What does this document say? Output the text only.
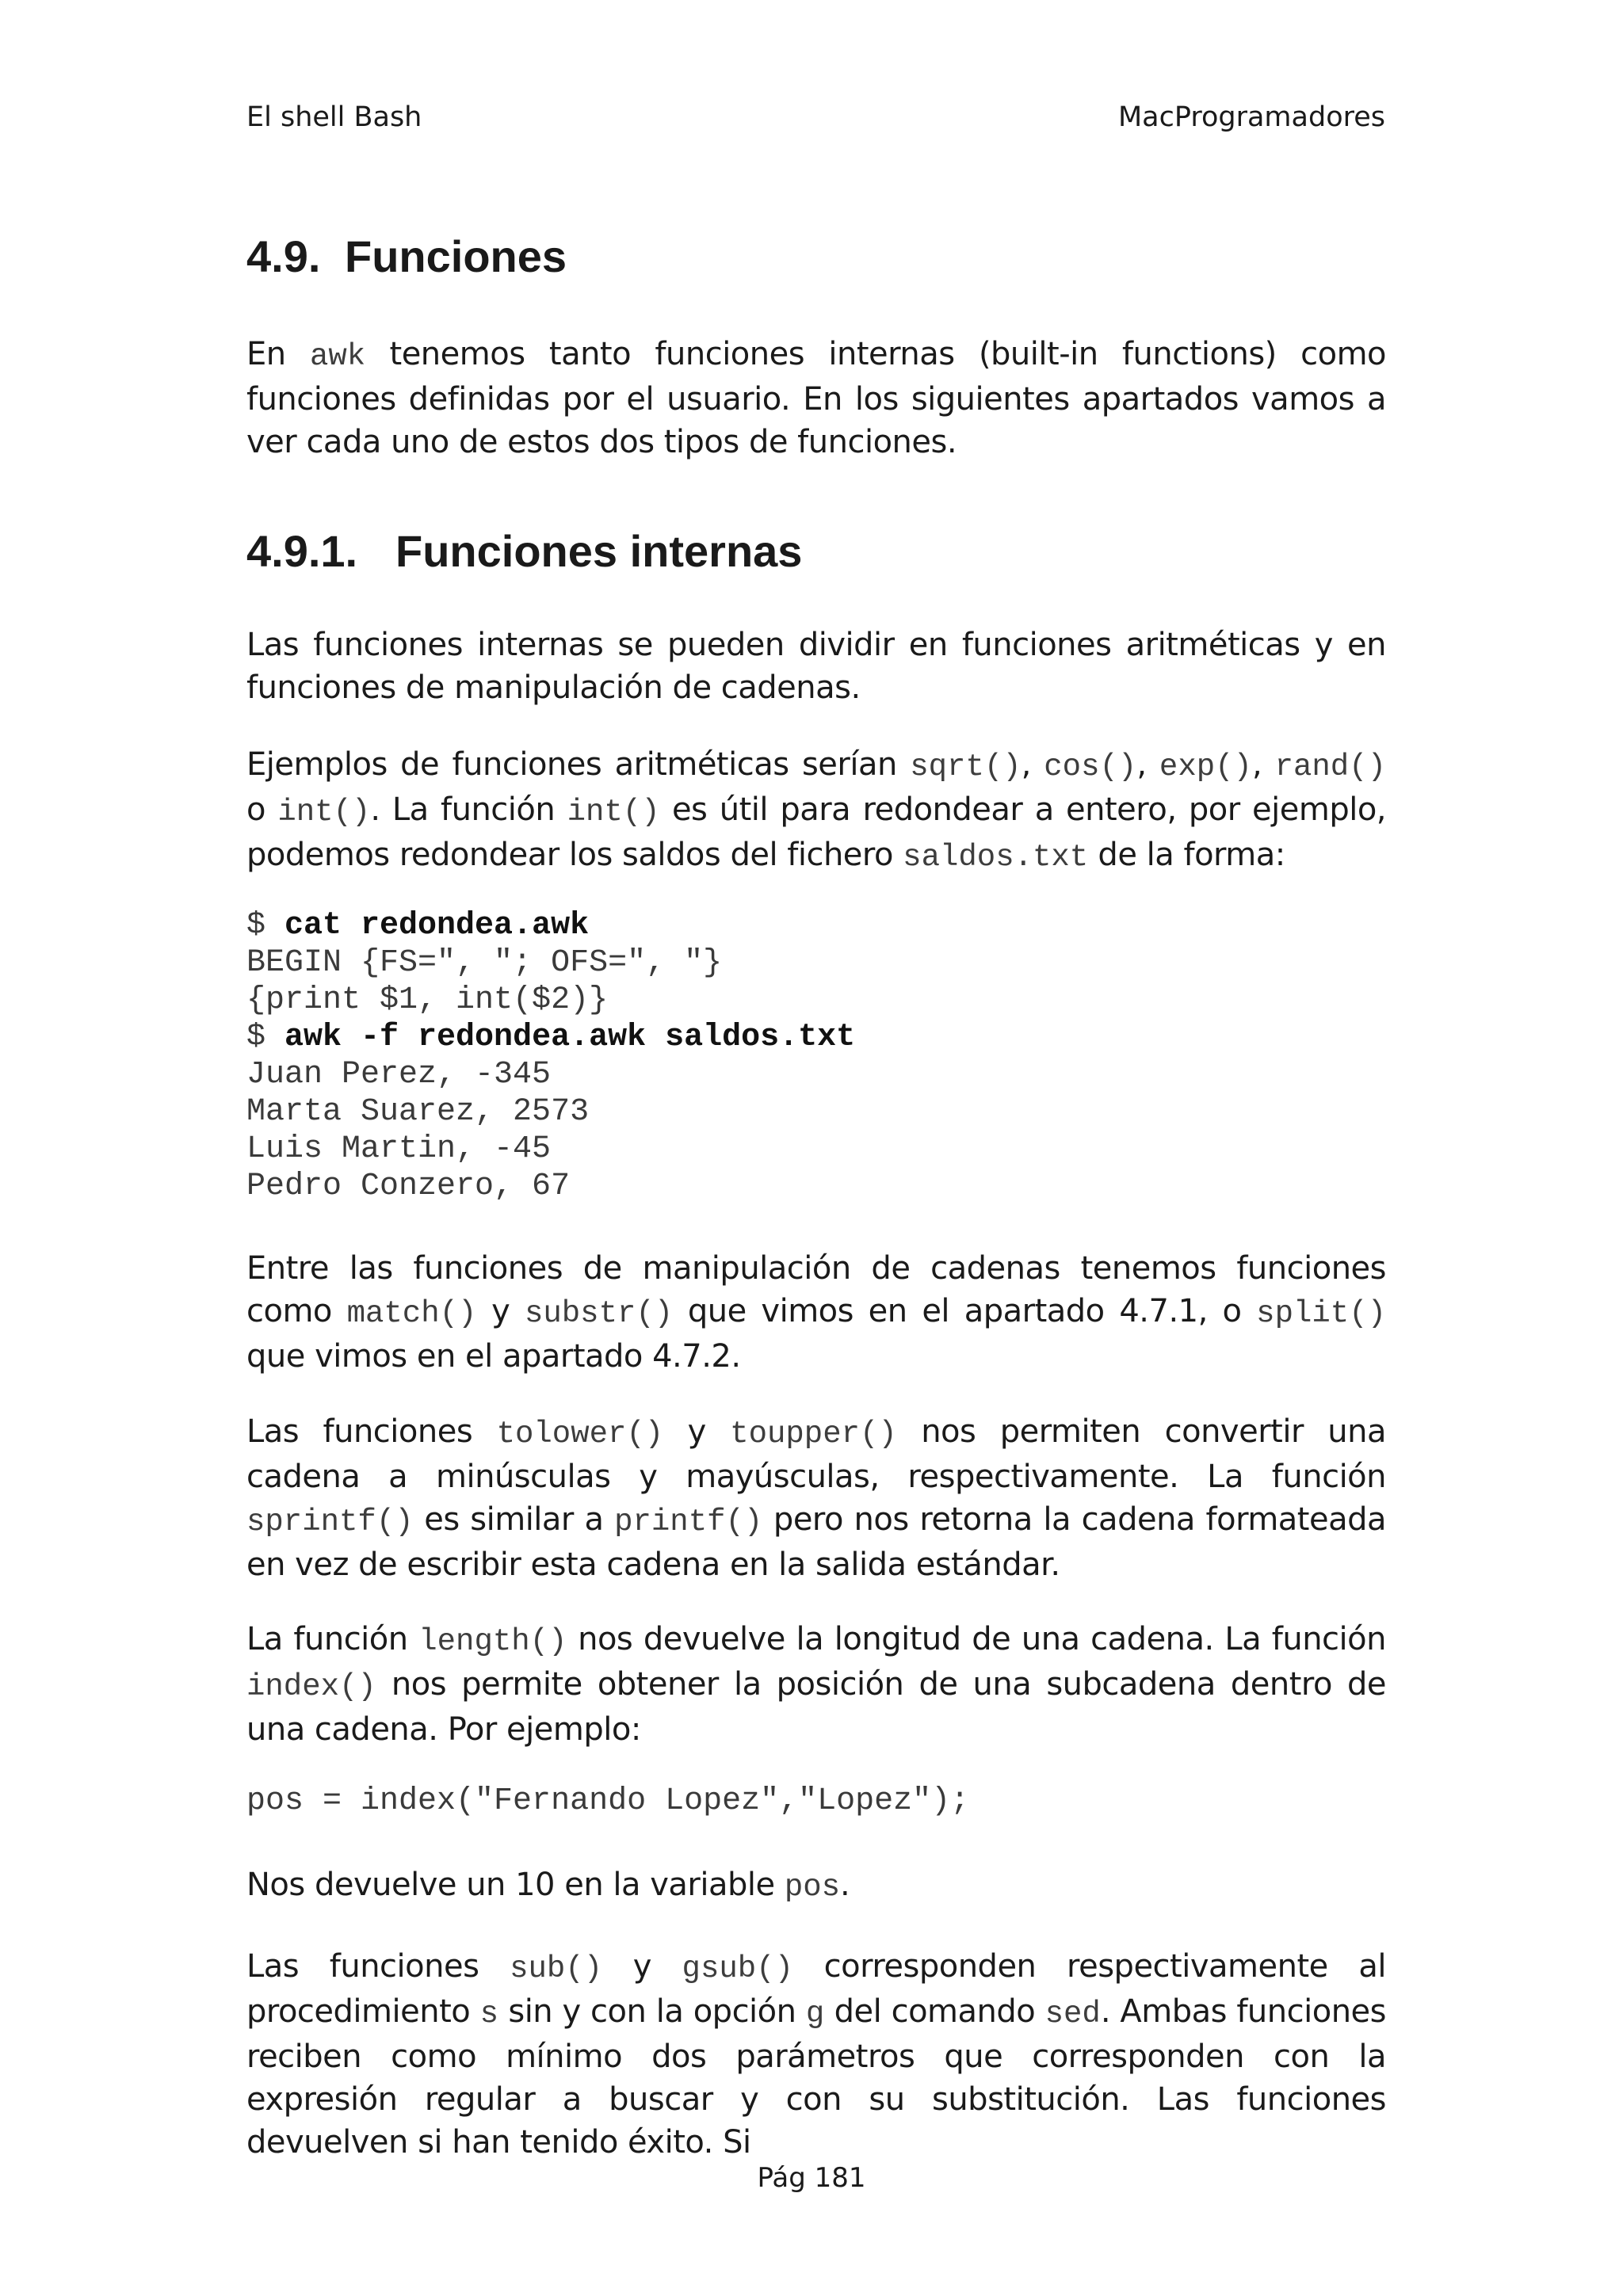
El shell Bash	MacProgramadores
4.9. Funciones

En awk tenemos tanto funciones internas (built-in functions) como funciones definidas por el usuario. En los siguientes apartados vamos a ver cada uno de estos dos tipos de funciones.

4.9.1. Funciones internas

Las funciones internas se pueden dividir en funciones aritméticas y en funciones de manipulación de cadenas.

Ejemplos de funciones aritméticas serían sqrt(), cos(), exp(), rand() o int(). La función int() es útil para redondear a entero, por ejemplo, podemos redondear los saldos del fichero saldos.txt de la forma:

$ cat redondea.awk
BEGIN {FS=", "; OFS=", "}
{print $1, int($2)}
$ awk -f redondea.awk saldos.txt
Juan Perez, -345
Marta Suarez, 2573
Luis Martin, -45
Pedro Conzero, 67

Entre las funciones de manipulación de cadenas tenemos funciones como match() y substr() que vimos en el apartado 4.7.1, o split() que vimos en el apartado 4.7.2.

Las funciones tolower() y toupper() nos permiten convertir una cadena a minúsculas y mayúsculas, respectivamente. La función sprintf() es similar a printf() pero nos retorna la cadena formateada en vez de escribir esta cadena en la salida estándar.

La función length() nos devuelve la longitud de una cadena. La función index() nos permite obtener la posición de una subcadena dentro de una cadena. Por ejemplo:

pos = index("Fernando Lopez","Lopez");

Nos devuelve un 10 en la variable pos.

Las funciones sub() y gsub() corresponden respectivamente al procedimiento s sin y con la opción g del comando sed. Ambas funciones reciben como mínimo dos parámetros que corresponden con la expresión regular a buscar y con su substitución. Las funciones devuelven si han tenido éxito. Si

Pág 181
